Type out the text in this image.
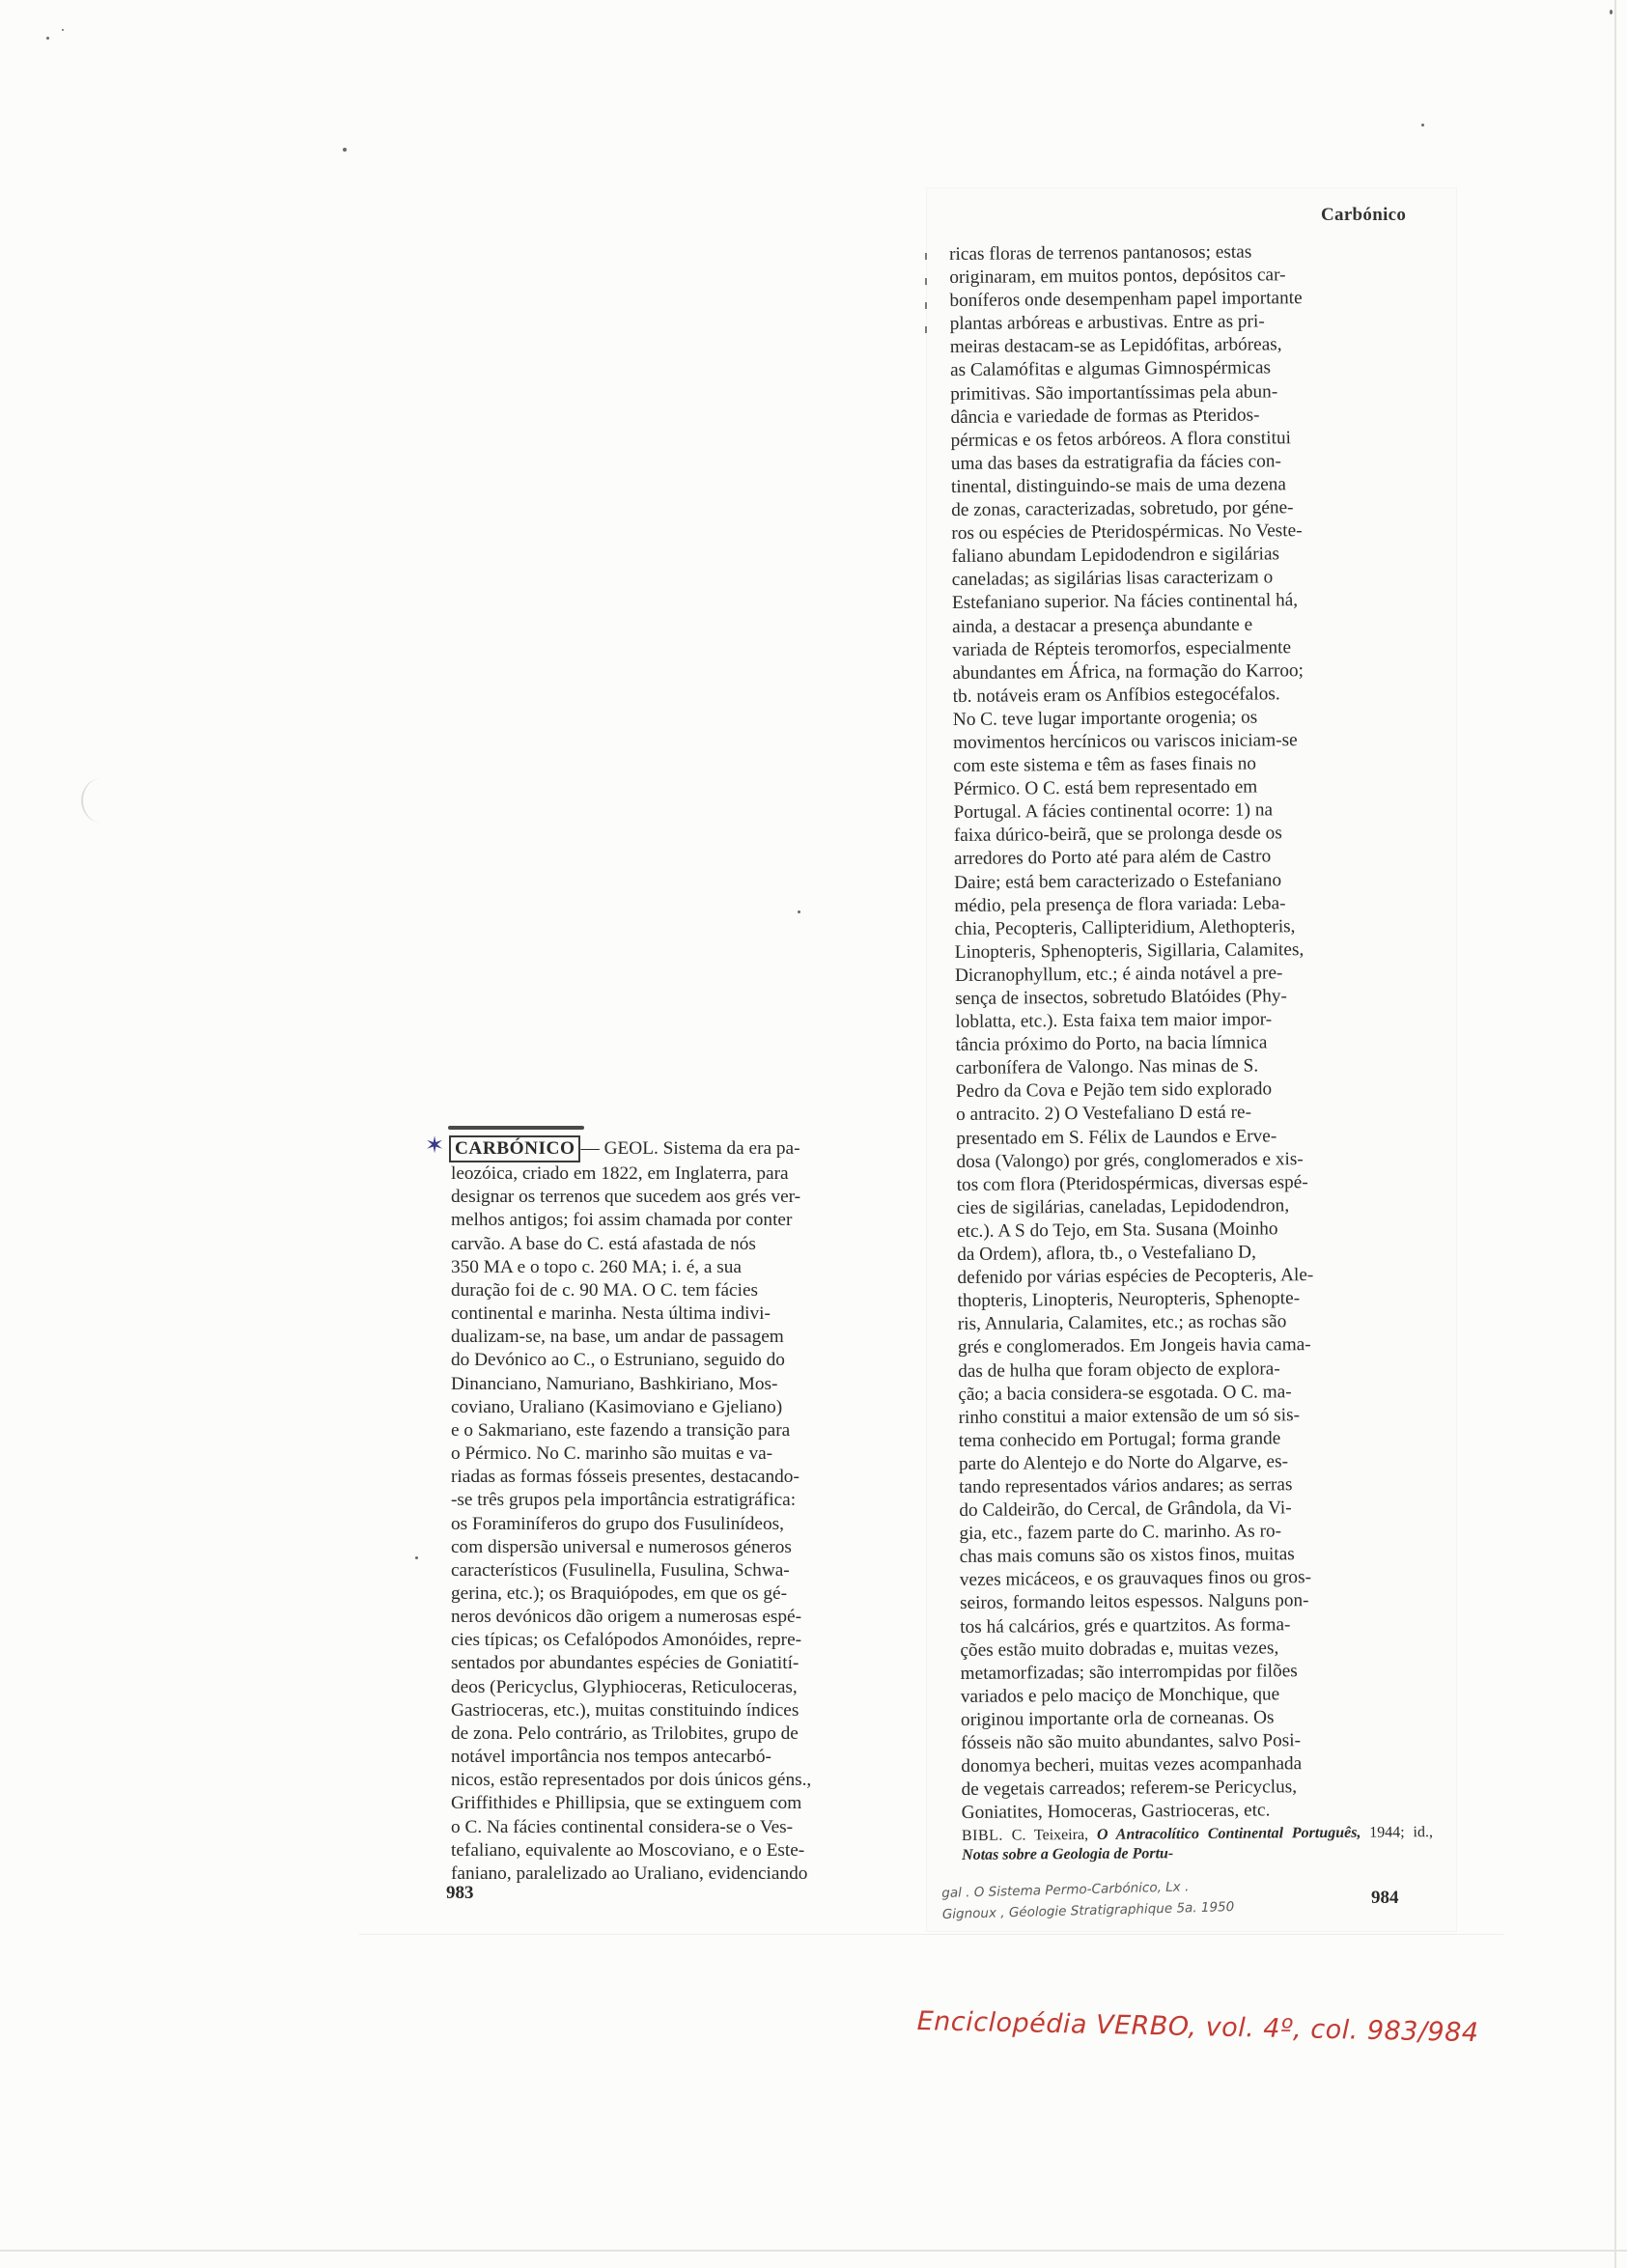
Carbónico

ricas floras de terrenos pantanosos; estas

originaram, em muitos pontos, depósitos car-

boníferos onde desempenham papel importante

plantas arbóreas e arbustivas. Entre as pri-

meiras destacam-se as Lepidófitas, arbóreas,

as Calamófitas e algumas Gimnospérmicas

primitivas. São importantíssimas pela abun-

dância e variedade de formas as Pteridos-

pérmicas e os fetos arbóreos. A flora constitui

uma das bases da estratigrafia da fácies con-

tinental, distinguindo-se mais de uma dezena

de zonas, caracterizadas, sobretudo, por géne-

ros ou espécies de Pteridospérmicas. No Veste-

faliano abundam Lepidodendron e sigilárias

caneladas; as sigilárias lisas caracterizam o

Estefaniano superior. Na fácies continental há,

ainda, a destacar a presença abundante e

variada de Répteis teromorfos, especialmente

abundantes em África, na formação do Karroo;

tb. notáveis eram os Anfíbios estegocéfalos.

No C. teve lugar importante orogenia; os

movimentos hercínicos ou variscos iniciam-se

com este sistema e têm as fases finais no

Pérmico. O C. está bem representado em

Portugal. A fácies continental ocorre: 1) na

faixa dúrico-beirã, que se prolonga desde os

arredores do Porto até para além de Castro

Daire; está bem caracterizado o Estefaniano

médio, pela presença de flora variada: Leba-

chia, Pecopteris, Callipteridium, Alethopteris,

Linopteris, Sphenopteris, Sigillaria, Calamites,

Dicranophyllum, etc.; é ainda notável a pre-

sença de insectos, sobretudo Blatóides (Phy-

loblatta, etc.). Esta faixa tem maior impor-

tância próximo do Porto, na bacia límnica

carbonífera de Valongo. Nas minas de S.

Pedro da Cova e Pejão tem sido explorado

o antracito. 2) O Vestefaliano D está re-

presentado em S. Félix de Laundos e Erve-

dosa (Valongo) por grés, conglomerados e xis-

tos com flora (Pteridospérmicas, diversas espé-

cies de sigilárias, caneladas, Lepidodendron,

etc.). A S do Tejo, em Sta. Susana (Moinho

da Ordem), aflora, tb., o Vestefaliano D,

defenido por várias espécies de Pecopteris, Ale-

thopteris, Linopteris, Neuropteris, Sphenopte-

ris, Annularia, Calamites, etc.; as rochas são

grés e conglomerados. Em Jongeis havia cama-

das de hulha que foram objecto de explora-

ção; a bacia considera-se esgotada. O C. ma-

rinho constitui a maior extensão de um só sis-

tema conhecido em Portugal; forma grande

parte do Alentejo e do Norte do Algarve, es-

tando representados vários andares; as serras

do Caldeirão, do Cercal, de Grândola, da Vi-

gia, etc., fazem parte do C. marinho. As ro-

chas mais comuns são os xistos finos, muitas

vezes micáceos, e os grauvaques finos ou gros-

seiros, formando leitos espessos. Nalguns pon-

tos há calcários, grés e quartzitos. As forma-

ções estão muito dobradas e, muitas vezes,

metamorfizadas; são interrompidas por filões

variados e pelo maciço de Monchique, que

originou importante orla de corneanas. Os

fósseis não são muito abundantes, salvo Posi-

donomya becheri, muitas vezes acompanhada

de vegetais carreados; referem-se Pericyclus,

Goniatites, Homoceras, Gastrioceras, etc.

BIBL. C. Teixeira, O Antracolítico Continental Português, 1944; id., Notas sobre a Geologia de Portu-

✶ CARBÓNICO — GEOL. Sistema da era pa-

leozóica, criado em 1822, em Inglaterra, para

designar os terrenos que sucedem aos grés ver-

melhos antigos; foi assim chamada por conter

carvão. A base do C. está afastada de nós

350 MA e o topo c. 260 MA; i. é, a sua

duração foi de c. 90 MA. O C. tem fácies

continental e marinha. Nesta última indivi-

dualizam-se, na base, um andar de passagem

do Devónico ao C., o Estruniano, seguido do

Dinanciano, Namuriano, Bashkiriano, Mos-

coviano, Uraliano (Kasimoviano e Gjeliano)

e o Sakmariano, este fazendo a transição para

o Pérmico. No C. marinho são muitas e va-

riadas as formas fósseis presentes, destacando-

-se três grupos pela importância estratigráfica:

os Foraminíferos do grupo dos Fusulinídeos,

com dispersão universal e numerosos géneros

característicos (Fusulinella, Fusulina, Schwa-

gerina, etc.); os Braquiópodes, em que os gé-

neros devónicos dão origem a numerosas espé-

cies típicas; os Cefalópodos Amonóides, repre-

sentados por abundantes espécies de Goniatití-

deos (Pericyclus, Glyphioceras, Reticuloceras,

Gastrioceras, etc.), muitas constituindo índices

de zona. Pelo contrário, as Trilobites, grupo de

notável importância nos tempos antecarbó-

nicos, estão representados por dois únicos géns.,

Griffithides e Phillipsia, que se extinguem com

o C. Na fácies continental considera-se o Ves-

tefaliano, equivalente ao Moscoviano, e o Este-

faniano, paralelizado ao Uraliano, evidenciando

983	984
gal . O Sistema Permo-Carbónico, Lx .
Gignoux , Géologie Stratigraphique 5a. 1950
Enciclopédia VERBO, vol. 4º, col. 983/984
